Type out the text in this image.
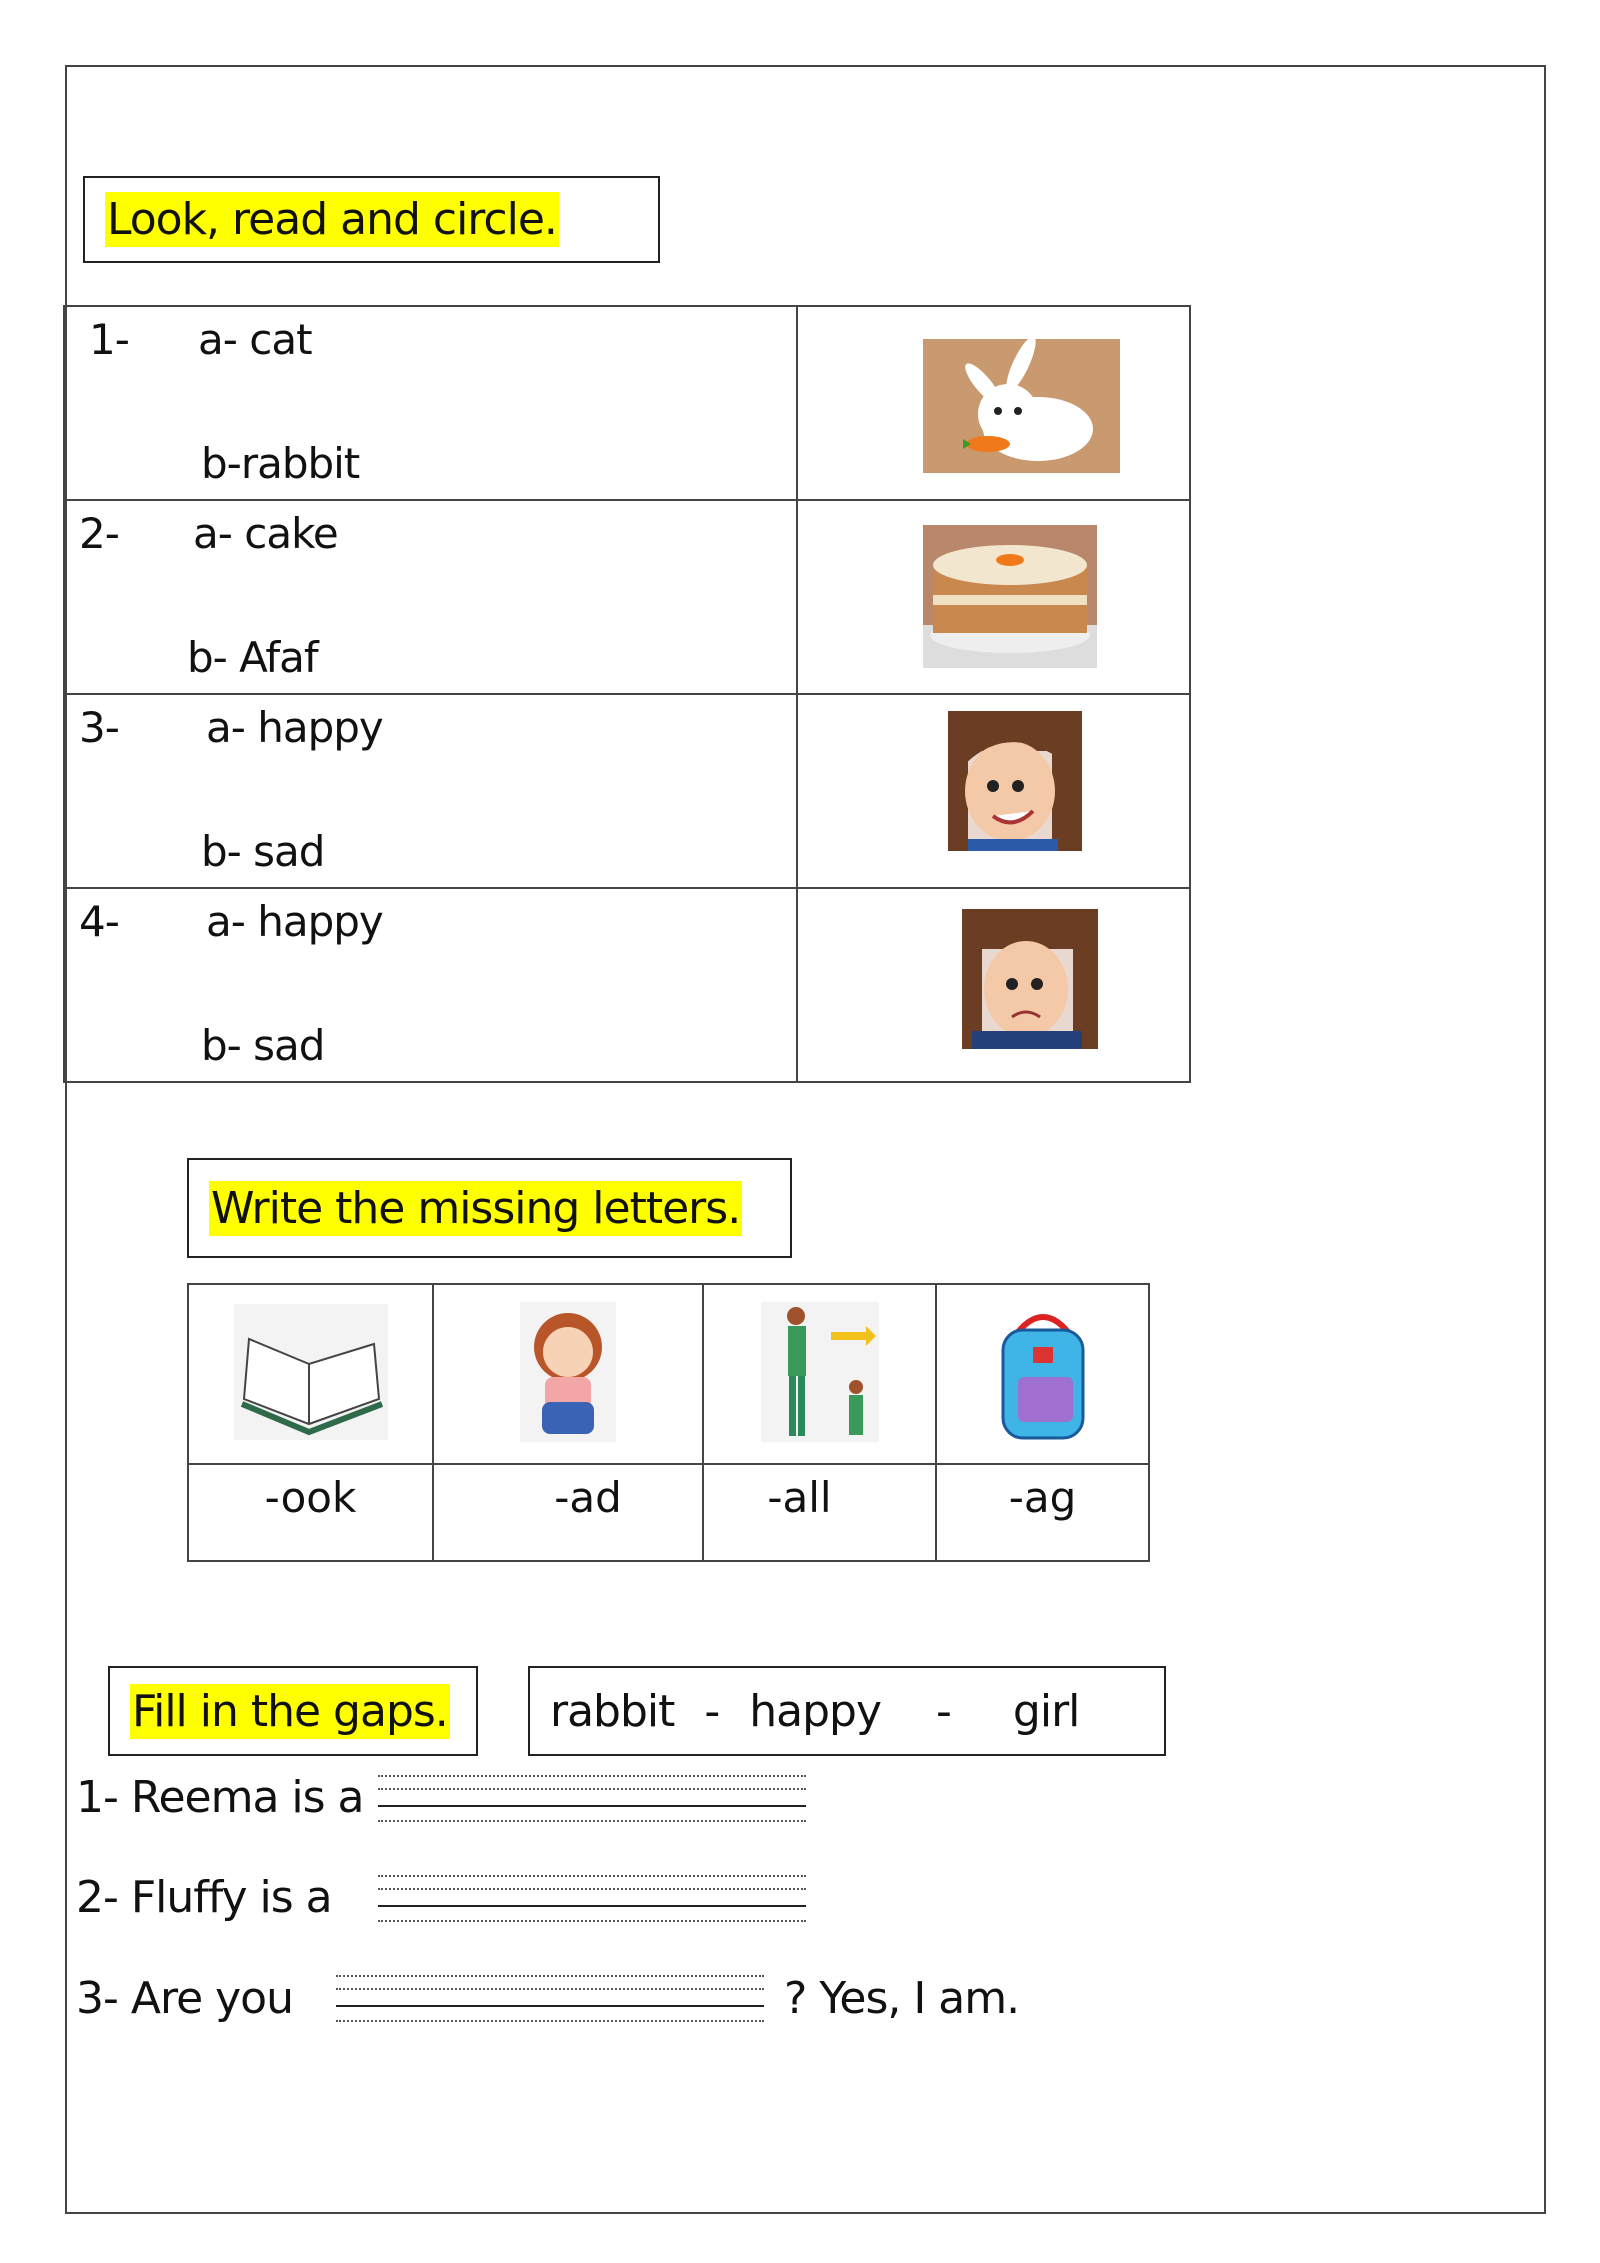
Look, read and circle.
1- a- cat
b-rabbit

2- a- cake
b- Afaf

3- a- happy
b- sad

4- a- happy
b- sad

Write the missing letters.

-ook	-ad	-all	-ag
Fill in the gaps. rabbit - happy - girl
1- Reema is a
2- Fluffy is a
3- Are you	? Yes, I am.
